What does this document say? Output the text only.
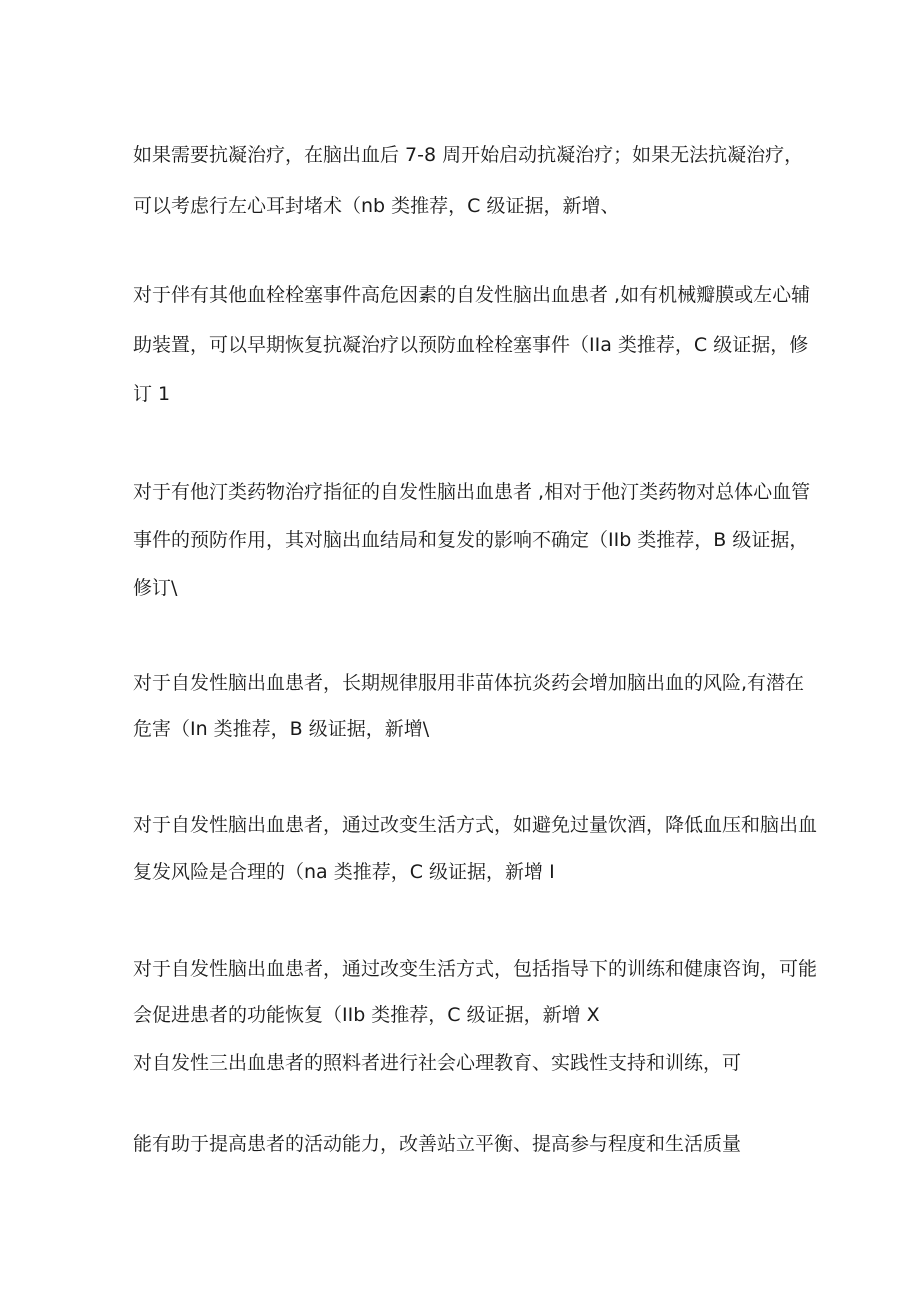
如果需要抗凝治疗，在脑出血后 7-8 周开始启动抗凝治疗；如果无法抗凝治疗，
可以考虑行左心耳封堵术（nb 类推荐，C 级证据，新增、
对于伴有其他血栓栓塞事件高危因素的自发性脑出血患者 ,如有机械瓣膜或左心辅
助装置，可以早期恢复抗凝治疗以预防血栓栓塞事件（IIa 类推荐，C 级证据，修
订 1
对于有他汀类药物治疗指征的自发性脑出血患者 ,相对于他汀类药物对总体心血管
事件的预防作用，其对脑出血结局和复发的影响不确定（IIb 类推荐，B 级证据，
修订\
对于自发性脑出血患者，长期规律服用非苗体抗炎药会增加脑出血的风险,有潜在
危害（In 类推荐，B 级证据，新增\
对于自发性脑出血患者，通过改变生活方式，如避免过量饮酒，降低血压和脑出血
复发风险是合理的（na 类推荐，C 级证据，新增 I
对于自发性脑出血患者，通过改变生活方式，包括指导下的训练和健康咨询，可能
会促进患者的功能恢复（IIb 类推荐，C 级证据，新增 X
对自发性三出血患者的照料者进行社会心理教育、实践性支持和训练，可
能有助于提高患者的活动能力，改善站立平衡、提高参与程度和生活质量
